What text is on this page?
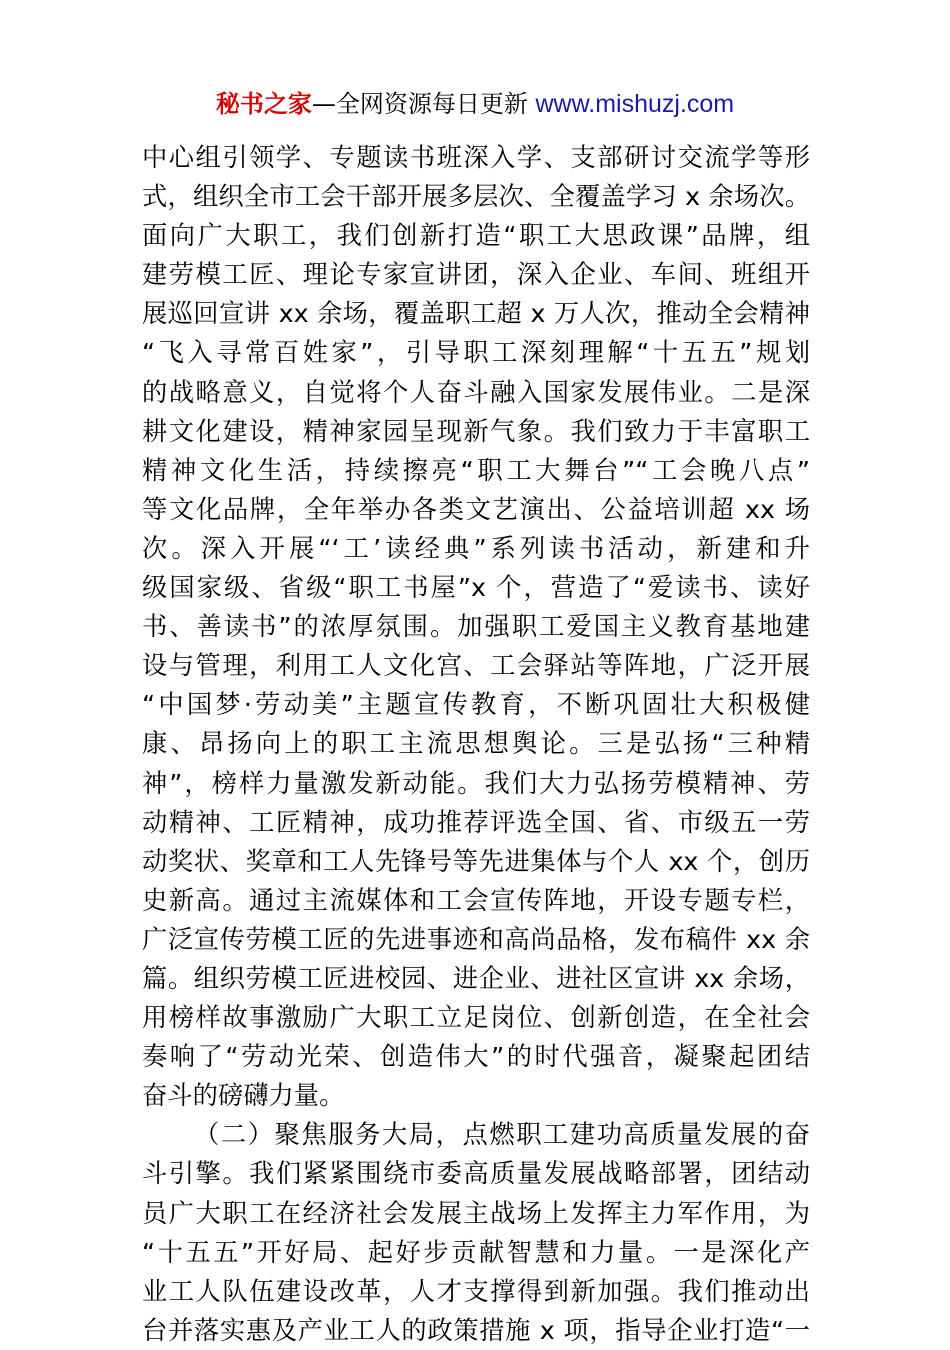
秘书之家—全网资源每日更新 www.mishuzj.com
中心组引领学、专题读书班深入学、支部研讨交流学等形
式，组织全市工会干部开展多层次、全覆盖学习 x 余场次。
面向广大职工，我们创新打造“职工大思政课”品牌，组
建劳模工匠、理论专家宣讲团，深入企业、车间、班组开
展巡回宣讲 xx 余场，覆盖职工超 x 万人次，推动全会精神
“飞入寻常百姓家”，引导职工深刻理解“十五五”规划
的战略意义，自觉将个人奋斗融入国家发展伟业。二是深
耕文化建设，精神家园呈现新气象。我们致力于丰富职工
精神文化生活，持续擦亮“职工大舞台”“工会晚八点”
等文化品牌，全年举办各类文艺演出、公益培训超 xx 场
次。深入开展“‘工’读经典”系列读书活动，新建和升
级国家级、省级“职工书屋”x 个，营造了“爱读书、读好
书、善读书”的浓厚氛围。加强职工爱国主义教育基地建
设与管理，利用工人文化宫、工会驿站等阵地，广泛开展
“中国梦·劳动美”主题宣传教育，不断巩固壮大积极健
康、昂扬向上的职工主流思想舆论。三是弘扬“三种精
神”，榜样力量激发新动能。我们大力弘扬劳模精神、劳
动精神、工匠精神，成功推荐评选全国、省、市级五一劳
动奖状、奖章和工人先锋号等先进集体与个人 xx 个，创历
史新高。通过主流媒体和工会宣传阵地，开设专题专栏，
广泛宣传劳模工匠的先进事迹和高尚品格，发布稿件 xx 余
篇。组织劳模工匠进校园、进企业、进社区宣讲 xx 余场，
用榜样故事激励广大职工立足岗位、创新创造，在全社会
奏响了“劳动光荣、创造伟大”的时代强音，凝聚起团结
奋斗的磅礴力量。
（二）聚焦服务大局，点燃职工建功高质量发展的奋
斗引擎。我们紧紧围绕市委高质量发展战略部署，团结动
员广大职工在经济社会发展主战场上发挥主力军作用，为
“十五五”开好局、起好步贡献智慧和力量。一是深化产
业工人队伍建设改革，人才支撑得到新加强。我们推动出
台并落实惠及产业工人的政策措施 x 项，指导企业打造“一
